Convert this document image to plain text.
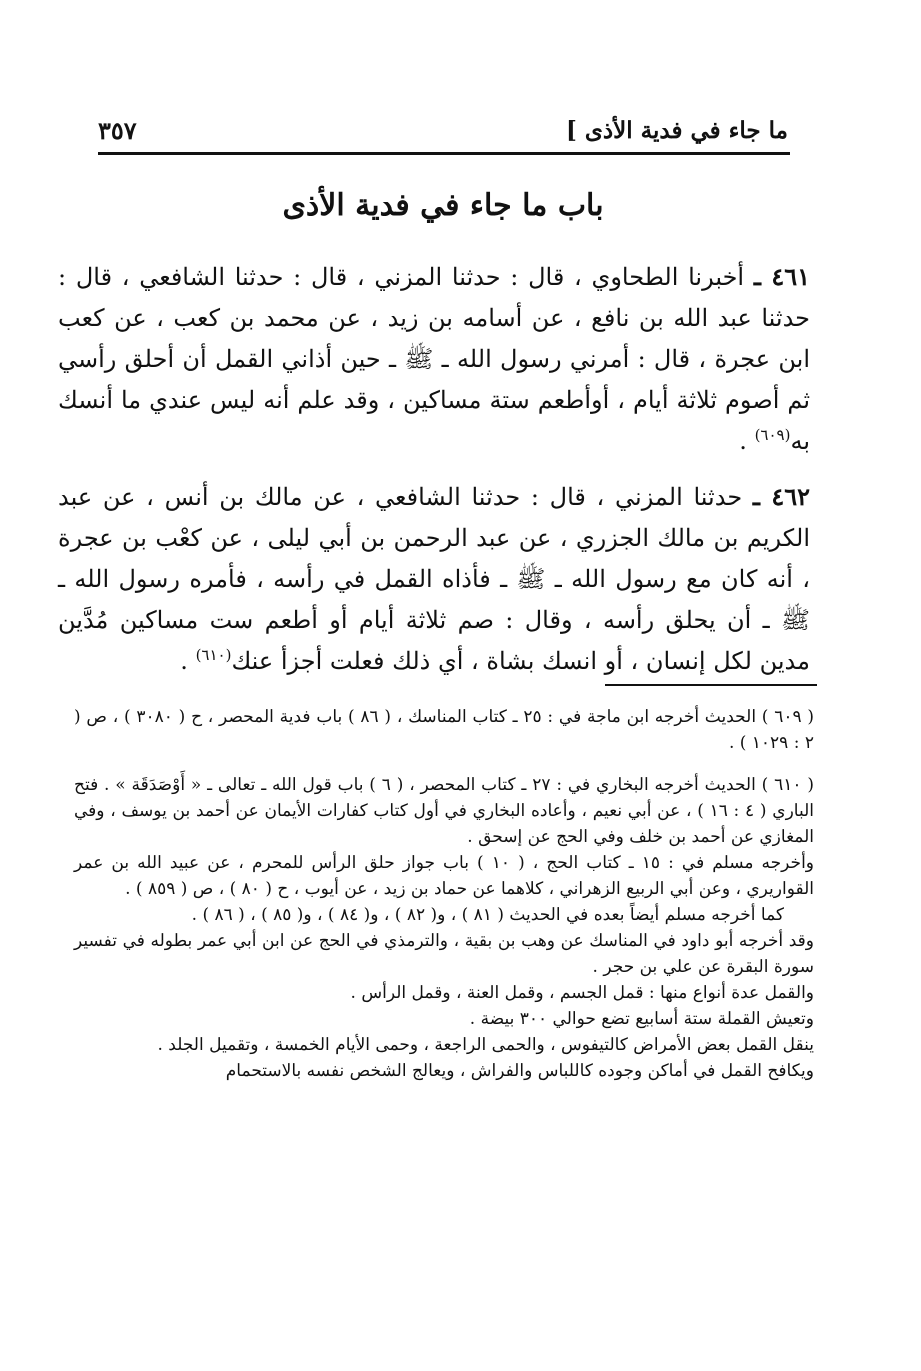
ما جاء في فدية الأذى ]
٣٥٧
باب ما جاء في فدية الأذى

٤٦١ ـ أخبرنا الطحاوي ، قال : حدثنا المزني ، قال : حدثنا الشافعي ، قال : حدثنا عبد الله بن نافع ، عن أسامه بن زيد ، عن محمد بن كعب ، عن كعب ابن عجرة ، قال : أمرني رسول الله ـ ﷺ ـ حين أذاني القمل أن أحلق رأسي ثم أصوم ثلاثة أيام ، أوأطعم ستة مساكين ، وقد علم أنه ليس عندي ما أنسك به$^{(٦٠٩)}$ .

٤٦٢ ـ حدثنا المزني ، قال : حدثنا الشافعي ، عن مالك بن أنس ، عن عبد الكريم بن مالك الجزري ، عن عبد الرحمن بن أبي ليلى ، عن كعْب بن عجرة ، أنه كان مع رسول الله ـ ﷺ ـ فأذاه القمل في رأسه ، فأمره رسول الله ـ ﷺ ـ أن يحلق رأسه ، وقال : صم ثلاثة أيام أو أطعم ست مساكين مُدَّين مدين لكل إنسان ، أو انسك بشاة ، أي ذلك فعلت أجزأ عنك$^{(٦١٠)}$ .

( ٦٠٩ ) الحديث أخرجه ابن ماجة في : ٢٥ ـ كتاب المناسك ، ( ٨٦ ) باب فدية المحصر ، ح ( ٣٠٨٠ ) ، ص ( ٢ : ١٠٢٩ ) .

( ٦١٠ ) الحديث أخرجه البخاري في : ٢٧ ـ كتاب المحصر ، ( ٦ ) باب قول الله ـ تعالى ـ « أَوْصَدَقَة » . فتح الباري ( ٤ : ١٦ ) ، عن أبي نعيم ، وأعاده البخاري في أول كتاب كفارات الأيمان عن أحمد بن يوسف ، وفي المغازي عن أحمد بن خلف وفي الحج عن إسحق .

وأخرجه مسلم في : ١٥ ـ كتاب الحج ، ( ١٠ ) باب جواز حلق الرأس للمحرم ، عن عبيد الله بن عمر القواريري ، وعن أبي الربيع الزهراني ، كلاهما عن حماد بن زيد ، عن أيوب ، ح ( ٨٠ ) ، ص ( ٨٥٩ ) .

كما أخرجه مسلم أيضاً بعده في الحديث ( ٨١ ) ، و( ٨٢ ) ، و( ٨٤ ) ، و( ٨٥ ) ، ( ٨٦ ) .

وقد أخرجه أبو داود في المناسك عن وهب بن بقية ، والترمذي في الحج عن ابن أبي عمر بطوله في تفسير سورة البقرة عن علي بن حجر .

والقمل عدة أنواع منها : قمل الجسم ، وقمل العنة ، وقمل الرأس .

وتعيش القملة ستة أسابيع تضع حوالي ٣٠٠ بيضة .

ينقل القمل بعض الأمراض كالتيفوس ، والحمى الراجعة ، وحمى الأيام الخمسة ، وتقميل الجلد .

ويكافح القمل في أماكن وجوده كاللباس والفراش ، ويعالج الشخص نفسه بالاستحمام
